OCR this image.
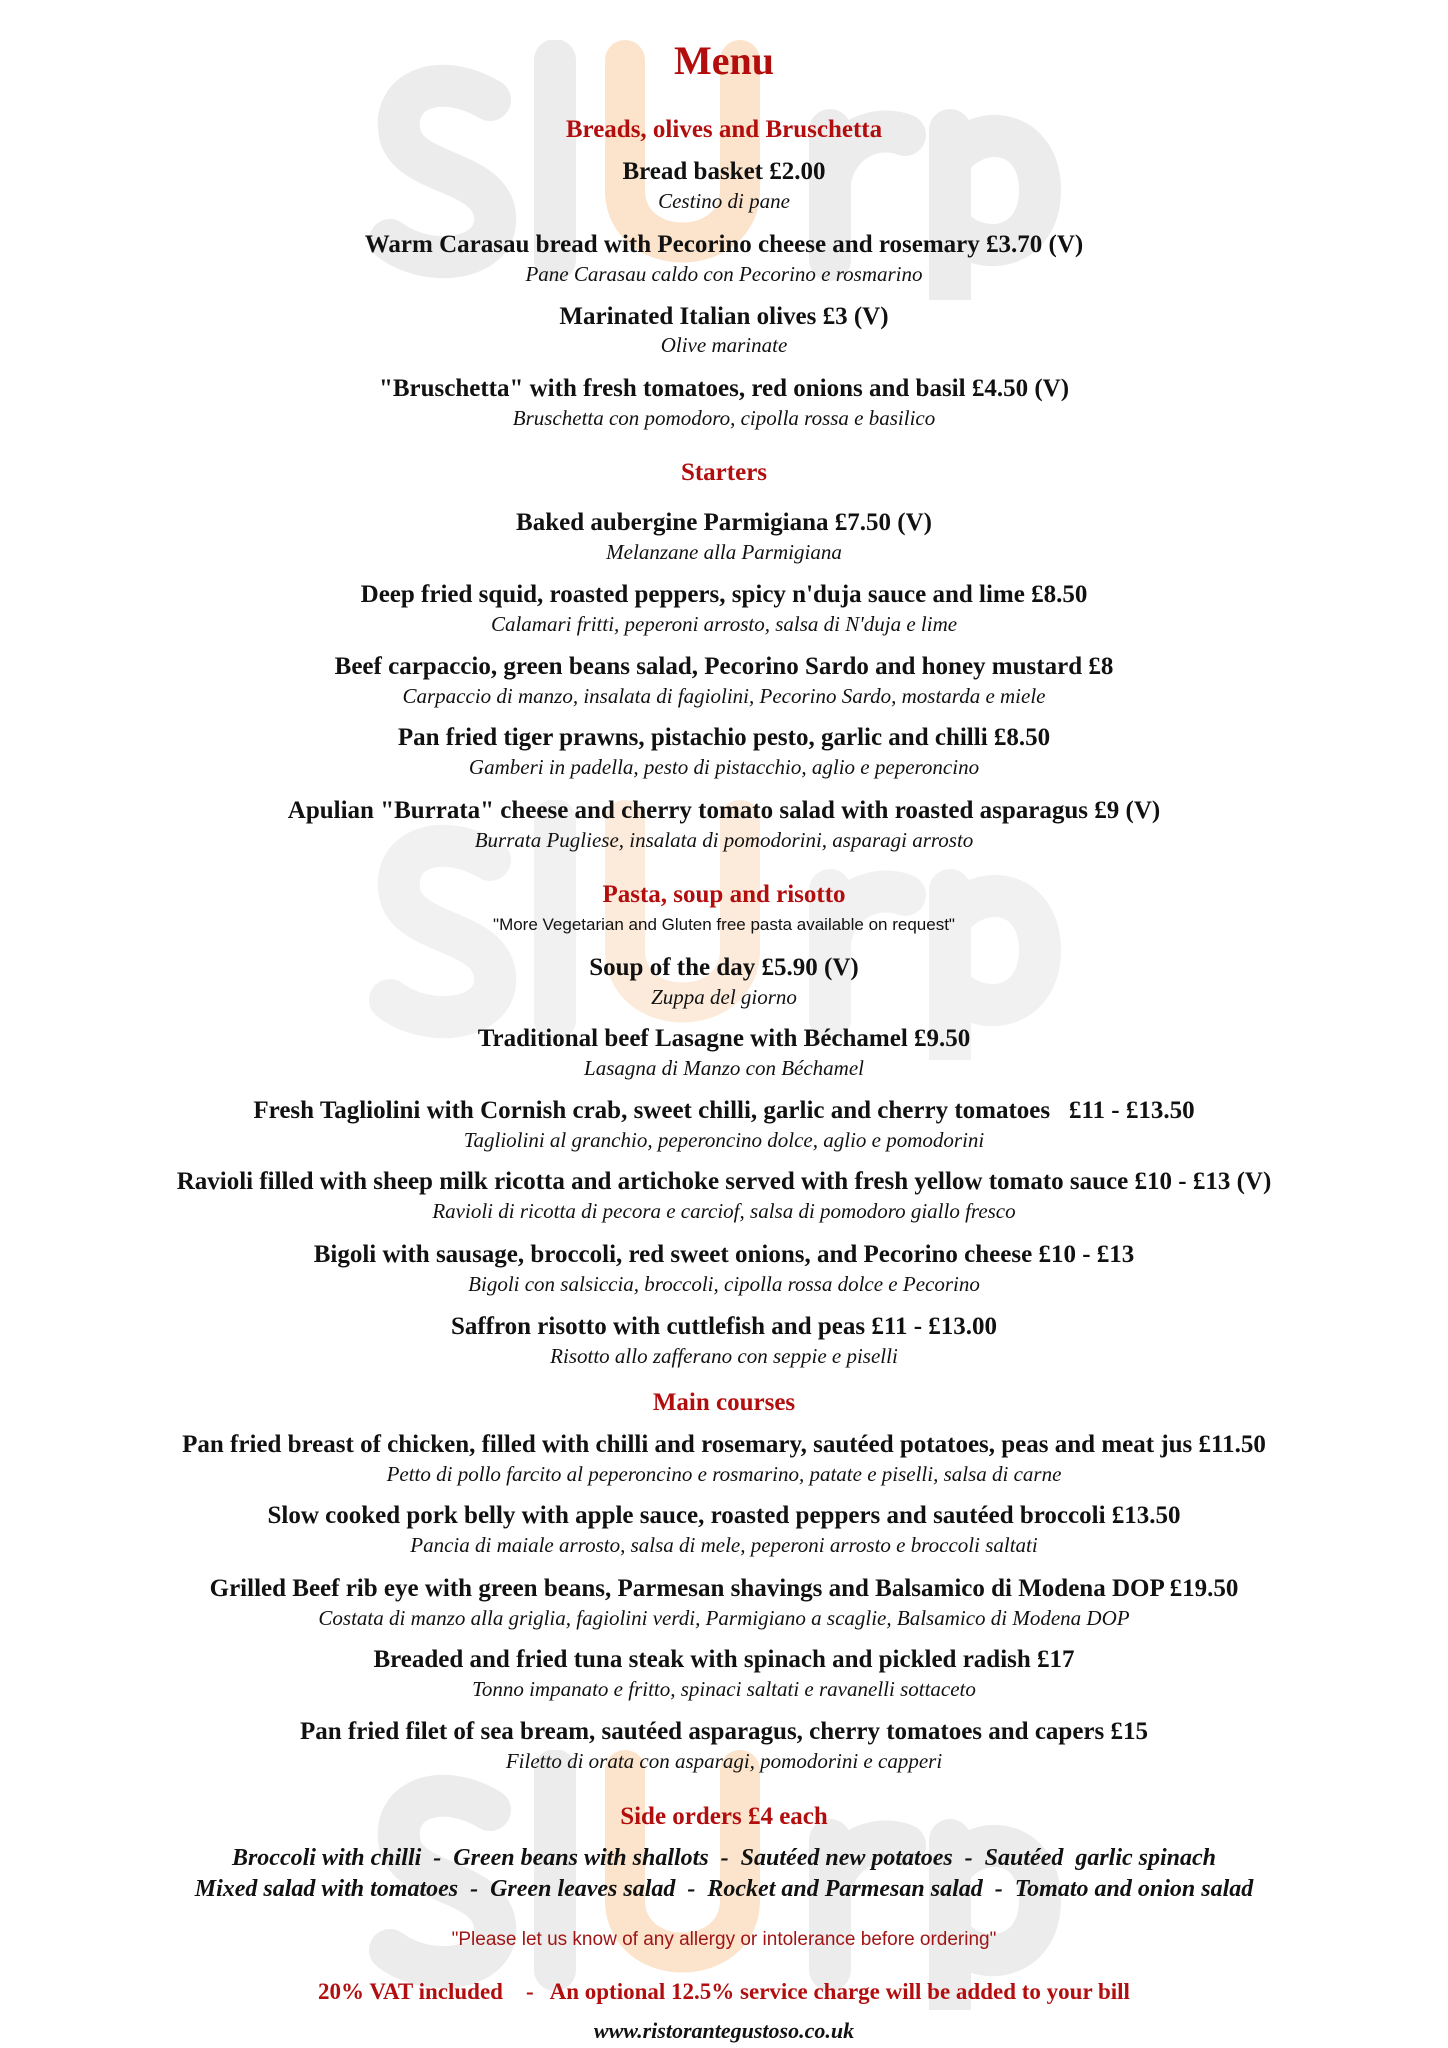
Menu
Breads, olives and Bruschetta
Bread basket £2.00
Cestino di pane
Warm Carasau bread with Pecorino cheese and rosemary £3.70 (V)
Pane Carasau caldo con Pecorino e rosmarino
Marinated Italian olives £3 (V)
Olive marinate
"Bruschetta" with fresh tomatoes, red onions and basil £4.50 (V)
Bruschetta con pomodoro, cipolla rossa e basilico
Starters
Baked aubergine Parmigiana £7.50 (V)
Melanzane alla Parmigiana
Deep fried squid, roasted peppers, spicy n'duja sauce and lime £8.50
Calamari fritti, peperoni arrosto, salsa di N'duja e lime
Beef carpaccio, green beans salad, Pecorino Sardo and honey mustard £8
Carpaccio di manzo, insalata di fagiolini, Pecorino Sardo, mostarda e miele
Pan fried tiger prawns, pistachio pesto, garlic and chilli £8.50
Gamberi in padella, pesto di pistacchio, aglio e peperoncino
Apulian "Burrata" cheese and cherry tomato salad with roasted asparagus £9 (V)
Burrata Pugliese, insalata di pomodorini, asparagi arrosto
Pasta, soup and risotto
"More Vegetarian and Gluten free pasta available on request"
Soup of the day £5.90 (V)
Zuppa del giorno
Traditional beef Lasagne with Béchamel £9.50
Lasagna di Manzo con Béchamel
Fresh Tagliolini with Cornish crab, sweet chilli, garlic and cherry tomatoes   £11 - £13.50
Tagliolini al granchio, peperoncino dolce, aglio e pomodorini
Ravioli filled with sheep milk ricotta and artichoke served with fresh yellow tomato sauce £10 - £13 (V)
Ravioli di ricotta di pecora e carciof, salsa di pomodoro giallo fresco
Bigoli with sausage, broccoli, red sweet onions, and Pecorino cheese £10 - £13
Bigoli con salsiccia, broccoli, cipolla rossa dolce e Pecorino
Saffron risotto with cuttlefish and peas £11 - £13.00
Risotto allo zafferano con seppie e piselli
Main courses
Pan fried breast of chicken, filled with chilli and rosemary, sautéed potatoes, peas and meat jus £11.50
Petto di pollo farcito al peperoncino e rosmarino, patate e piselli, salsa di carne
Slow cooked pork belly with apple sauce, roasted peppers and sautéed broccoli £13.50
Pancia di maiale arrosto, salsa di mele, peperoni arrosto e broccoli saltati
Grilled Beef rib eye with green beans, Parmesan shavings and Balsamico di Modena DOP £19.50
Costata di manzo alla griglia, fagiolini verdi, Parmigiano a scaglie, Balsamico di Modena DOP
Breaded and fried tuna steak with spinach and pickled radish £17
Tonno impanato e fritto, spinaci saltati e ravanelli sottaceto
Pan fried filet of sea bream, sautéed asparagus, cherry tomatoes and capers £15
Filetto di orata con asparagi, pomodorini e capperi
Side orders £4 each
Broccoli with chilli  -  Green beans with shallots  -  Sautéed new potatoes  -  Sautéed  garlic spinach
Mixed salad with tomatoes  -  Green leaves salad  -  Rocket and Parmesan salad  -  Tomato and onion salad
"Please let us know of any allergy or intolerance before ordering"
20% VAT included    -   An optional 12.5% service charge will be added to your bill
www.ristorantegustoso.co.uk
